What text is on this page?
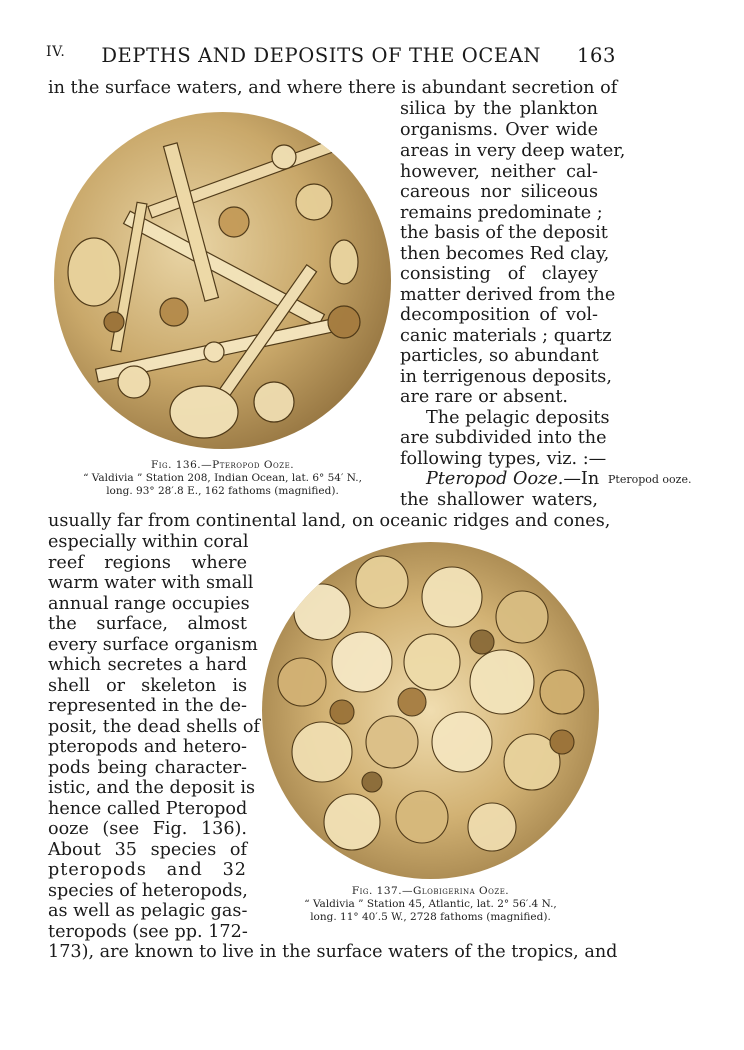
IV. DEPTHS AND DEPOSITS OF THE OCEAN 163
in the surface waters, and where there is abundant secretion of
silica by the plankton
organisms. Over wide
areas in very deep water,
however, neither cal-
careous nor siliceous
remains predominate ;
the basis of the deposit
then becomes Red clay,
consisting of clayey
matter derived from the
decomposition of vol-
canic materials ; quartz
particles, so abundant
in terrigenous deposits,
are rare or absent.
The pelagic deposits
are subdivided into the
following types, viz. :—
Pteropod Ooze. —In
the shallower waters,
Pteropod ooze.
Fig. 136.—Pteropod Ooze.
“ Valdivia ” Station 208, Indian Ocean, lat. 6° 54′ N.,
long. 93° 28′.8 E., 162 fathoms (magnified).
usually far from continental land, on oceanic ridges and cones,
especially within coral
reef regions where
warm water with small
annual range occupies
the surface, almost
every surface organism
which secretes a hard
shell or skeleton is
represented in the de-
posit, the dead shells of
pteropods and hetero-
pods being character-
istic, and the deposit is
hence called Pteropod
ooze (see Fig. 136).
About 35 species of
pteropods and 32
species of heteropods,
as well as pelagic gas-
teropods (see pp. 172-
Fig. 137.—Globigerina Ooze.
“ Valdivia ” Station 45, Atlantic, lat. 2° 56′.4 N.,
long. 11° 40′.5 W., 2728 fathoms (magnified).
173), are known to live in the surface waters of the tropics, and
